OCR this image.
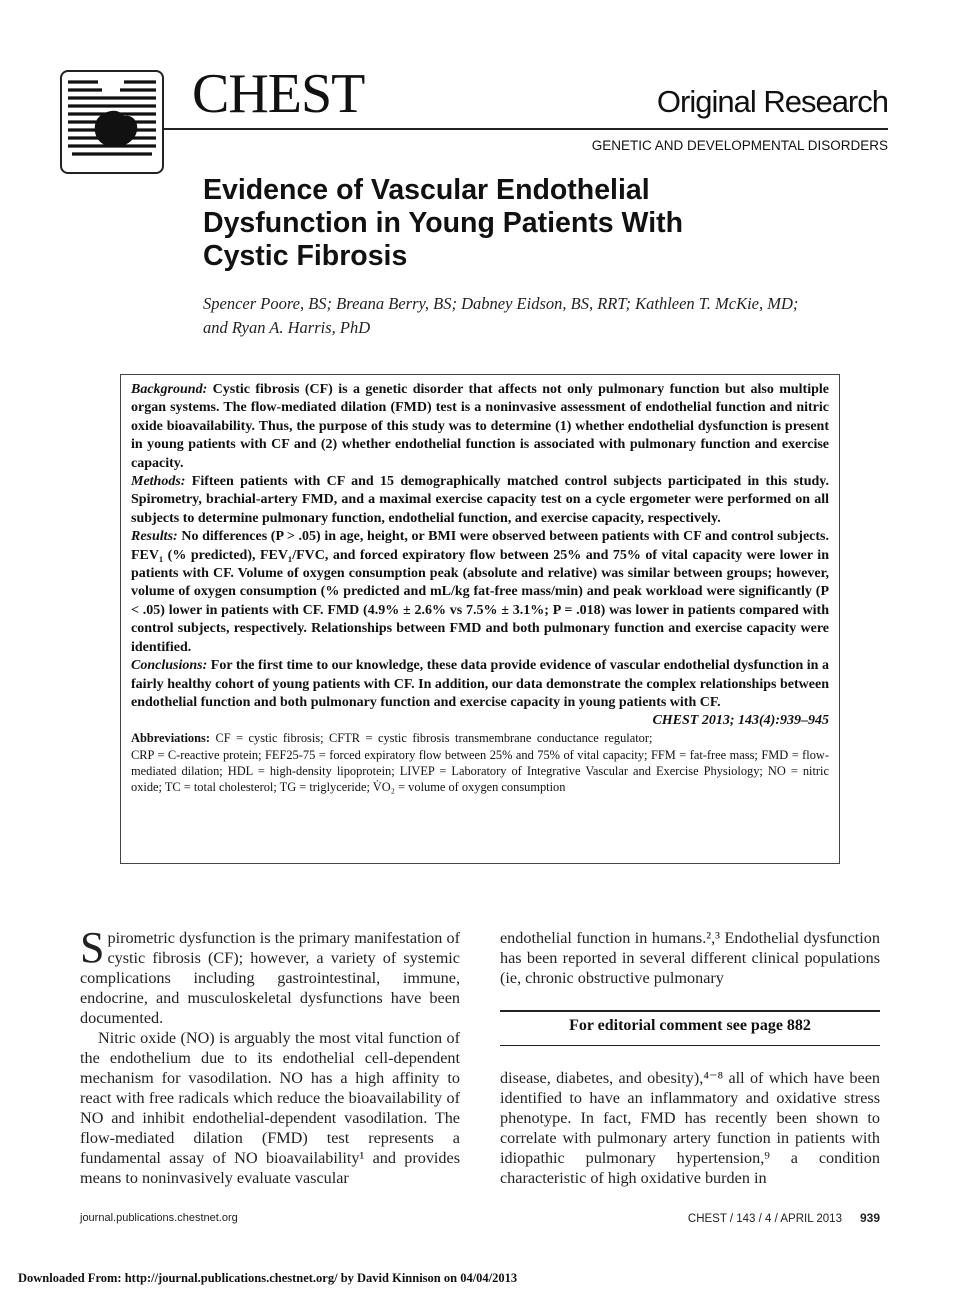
CHEST	Original Research
GENETIC AND DEVELOPMENTAL DISORDERS
Evidence of Vascular Endothelial
Dysfunction in Young Patients With
Cystic Fibrosis
Spencer Poore, BS; Breana Berry, BS; Dabney Eidson, BS, RRT; Kathleen T. McKie, MD;
and Ryan A. Harris, PhD
Background: Cystic fibrosis (CF) is a genetic disorder that affects not only pulmonary function but also multiple organ systems. The flow-mediated dilation (FMD) test is a noninvasive assessment of endothelial function and nitric oxide bioavailability. Thus, the purpose of this study was to determine (1) whether endothelial dysfunction is present in young patients with CF and (2) whether endothelial function is associated with pulmonary function and exercise capacity.
Methods: Fifteen patients with CF and 15 demographically matched control subjects participated in this study. Spirometry, brachial-artery FMD, and a maximal exercise capacity test on a cycle ergometer were performed on all subjects to determine pulmonary function, endothelial function, and exercise capacity, respectively.
Results: No differences (P > .05) in age, height, or BMI were observed between patients with CF and control subjects. FEV₁ (% predicted), FEV₁/FVC, and forced expiratory flow between 25% and 75% of vital capacity were lower in patients with CF. Volume of oxygen consumption peak (absolute and relative) was similar between groups; however, volume of oxygen consumption (% predicted and mL/kg fat-free mass/min) and peak workload were significantly (P < .05) lower in patients with CF. FMD (4.9% ± 2.6% vs 7.5% ± 3.1%; P = .018) was lower in patients compared with control subjects, respectively. Relationships between FMD and both pulmonary function and exercise capacity were identified.
Conclusions: For the first time to our knowledge, these data provide evidence of vascular endothelial dysfunction in a fairly healthy cohort of young patients with CF. In addition, our data demonstrate the complex relationships between endothelial function and both pulmonary function and exercise capacity in young patients with CF.
CHEST 2013; 143(4):939–945
Abbreviations: CF = cystic fibrosis; CFTR = cystic fibrosis transmembrane conductance regulator; CRP = C-reactive protein; FEF25-75 = forced expiratory flow between 25% and 75% of vital capacity; FFM = fat-free mass; FMD = flow-mediated dilation; HDL = high-density lipoprotein; LIVEP = Laboratory of Integrative Vascular and Exercise Physiology; NO = nitric oxide; TC = total cholesterol; TG = triglyceride; V̇O₂ = volume of oxygen consumption

Spirometric dysfunction is the primary manifestation of cystic fibrosis (CF); however, a variety of systemic complications including gastrointestinal, immune, endocrine, and musculoskeletal dysfunctions have been documented.

Nitric oxide (NO) is arguably the most vital function of the endothelium due to its endothelial cell-dependent mechanism for vasodilation. NO has a high affinity to react with free radicals which reduce the bioavailability of NO and inhibit endothelial-dependent vasodilation. The flow-mediated dilation (FMD) test represents a fundamental assay of NO bioavailability¹ and provides means to noninvasively evaluate vascular

endothelial function in humans.²,³ Endothelial dysfunction has been reported in several different clinical populations (ie, chronic obstructive pulmonary

For editorial comment see page 882

disease, diabetes, and obesity),⁴⁻⁸ all of which have been identified to have an inflammatory and oxidative stress phenotype. In fact, FMD has recently been shown to correlate with pulmonary artery function in patients with idiopathic pulmonary hypertension,⁹ a condition characteristic of high oxidative burden in

journal.publications.chestnet.org	CHEST / 143 / 4 / APRIL 2013 939
Downloaded From: http://journal.publications.chestnet.org/ by David Kinnison on 04/04/2013
